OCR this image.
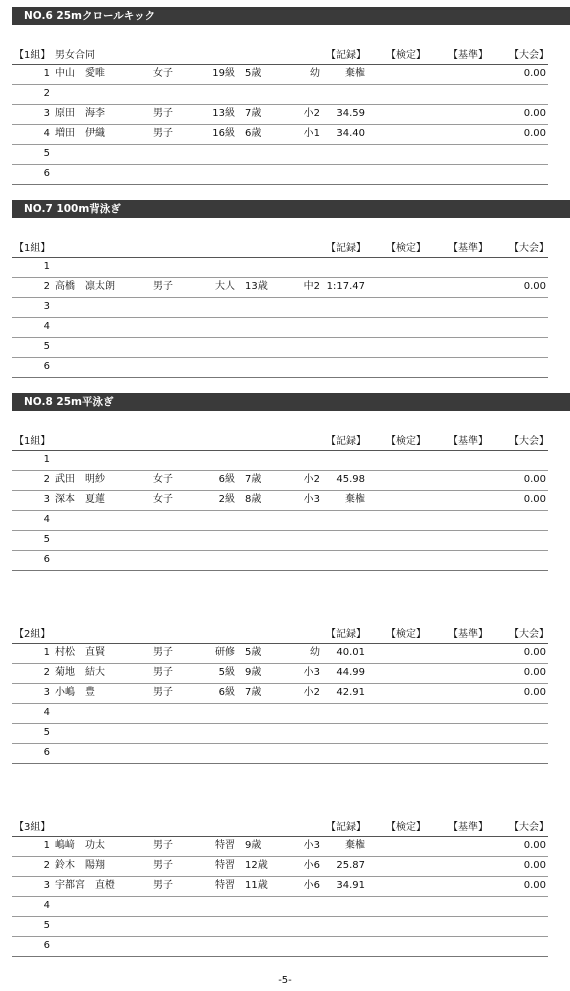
NO.6 25mクロールキック
【1組】 男女合同	【記録】 【検定】 【基準】 【大会】
1 中山　愛唯	女子	19級 5歳	幼	棄権	0.00
2
3 原田　海李	男子	13級 7歳	小2	34.59	0.00
4 増田　伊織	男子	16級 6歳	小1	34.40	0.00
5
6
NO.7 100m背泳ぎ
【1組】	【記録】 【検定】 【基準】 【大会】
1
2 高橋　凛太朗	男子	大人 13歳	中2 1:17.47	0.00
3
4
5
6
NO.8 25m平泳ぎ
【1組】	【記録】 【検定】 【基準】 【大会】
1
2 武田　明紗	女子	6級 7歳	小2	45.98	0.00
3 深本　夏蓮	女子	2級 8歳	小3	棄権	0.00
4
5
6
【2組】	【記録】 【検定】 【基準】 【大会】
1 村松　直賢	男子	研修 5歳	幼	40.01	0.00
2 菊地　結大	男子	5級 9歳	小3	44.99	0.00
3 小嶋　豊	男子	6級 7歳	小2	42.91	0.00
4
5
6
【3組】	【記録】 【検定】 【基準】 【大会】
1 嶋﨑　功太	男子	特習 9歳	小3	棄権	0.00
2 鈴木　陽翔	男子	特習 12歳	小6	25.87	0.00
3 宇都宮　直橙	男子	特習 11歳	小6	34.91	0.00
4
5
6
-5-
